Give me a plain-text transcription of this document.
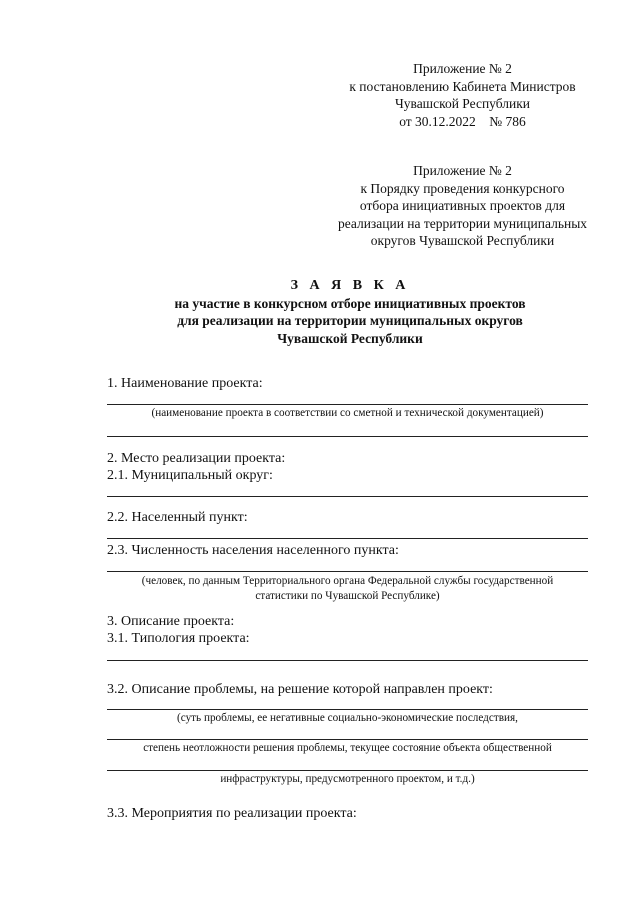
Приложение № 2
к постановлению Кабинета Министров
Чувашской Республики
от 30.12.2022    № 786
Приложение № 2
к Порядку проведения конкурсного
отбора инициативных проектов для
реализации на территории муниципальных
округов Чувашской Республики
З А Я В К А
на участие в конкурсном отборе инициативных проектов
для реализации на территории муниципальных округов
Чувашской Республики
1. Наименование проекта:
(наименование проекта в соответствии со сметной и технической документацией)
2. Место реализации проекта:
2.1. Муниципальный округ:
2.2. Населенный пункт:
2.3. Численность населения населенного пункта:
(человек, по данным Территориального органа Федеральной службы государственной
статистики по Чувашской Республике)
3. Описание проекта:
3.1. Типология проекта:
3.2. Описание проблемы, на решение которой направлен проект:
(суть проблемы, ее негативные социально-экономические последствия,
степень неотложности решения проблемы, текущее состояние объекта общественной
инфраструктуры, предусмотренного проектом, и т.д.)
3.3. Мероприятия по реализации проекта:
